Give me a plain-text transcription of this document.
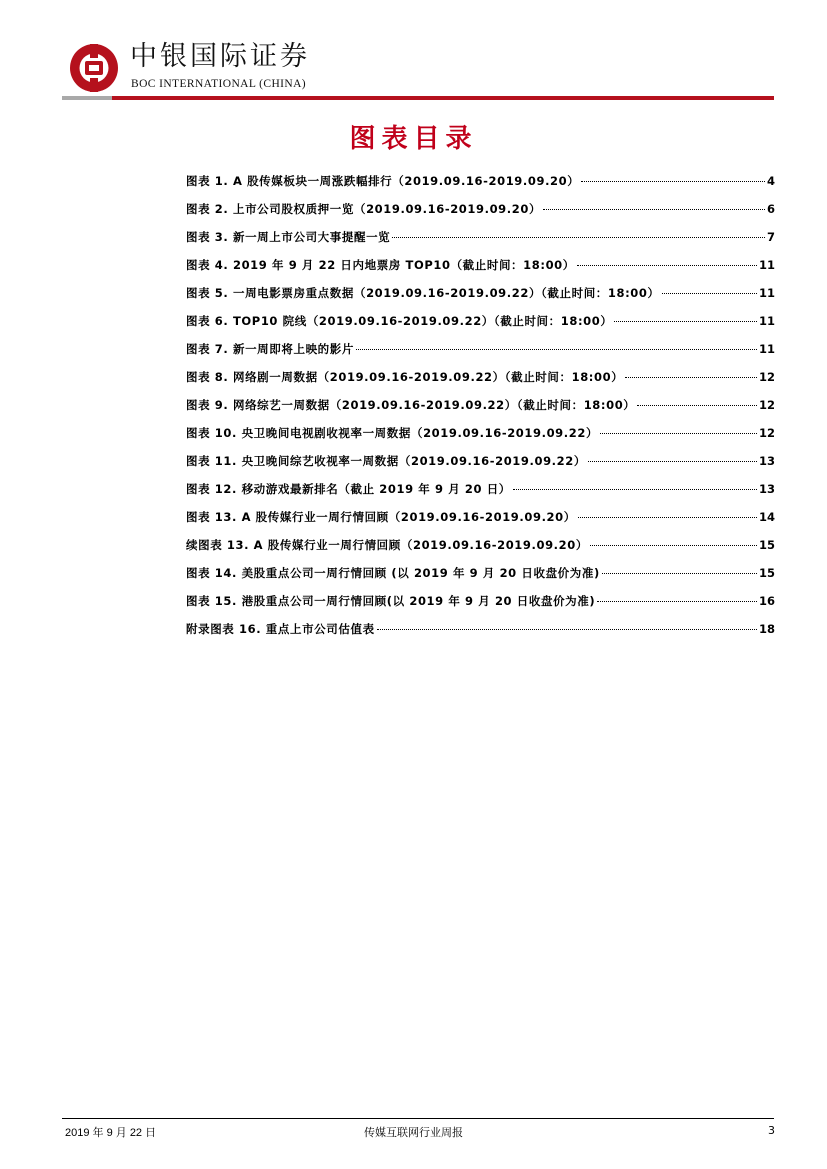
中银国际证券
BOC INTERNATIONAL (CHINA)
图表目录
图表 1. A 股传媒板块一周涨跌幅排行（2019.09.16-2019.09.20）	4
图表 2. 上市公司股权质押一览（2019.09.16-2019.09.20）	6
图表 3. 新一周上市公司大事提醒一览	7
图表 4. 2019 年 9 月 22 日内地票房 TOP10（截止时间：18:00）	11
图表 5. 一周电影票房重点数据（2019.09.16-2019.09.22）（截止时间：18:00）	11
图表 6. TOP10 院线（2019.09.16-2019.09.22）（截止时间：18:00）	11
图表 7. 新一周即将上映的影片	11
图表 8. 网络剧一周数据（2019.09.16-2019.09.22）（截止时间：18:00）	12
图表 9. 网络综艺一周数据（2019.09.16-2019.09.22）（截止时间：18:00）	12
图表 10. 央卫晚间电视剧收视率一周数据（2019.09.16-2019.09.22）	12
图表 11. 央卫晚间综艺收视率一周数据（2019.09.16-2019.09.22）	13
图表 12. 移动游戏最新排名（截止 2019 年 9 月 20 日）	13
图表 13. A 股传媒行业一周行情回顾（2019.09.16-2019.09.20）	14
续图表 13. A 股传媒行业一周行情回顾（2019.09.16-2019.09.20）	15
图表 14. 美股重点公司一周行情回顾 (以 2019 年 9 月 20 日收盘价为准)	15
图表 15. 港股重点公司一周行情回顾(以 2019 年 9 月 20 日收盘价为准)	16
附录图表 16. 重点上市公司估值表	18
2019 年 9 月 22 日	传媒互联网行业周报	3
